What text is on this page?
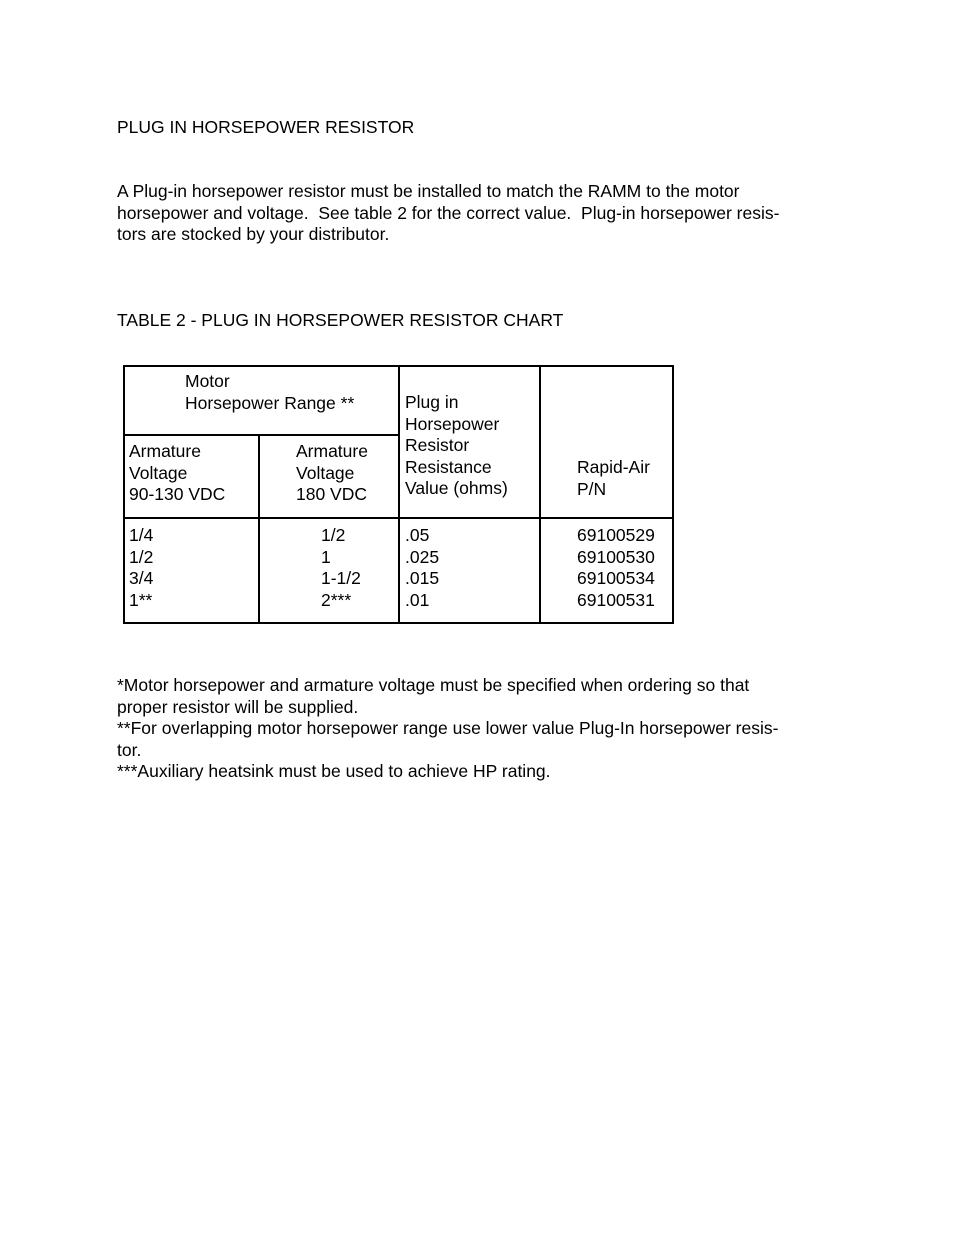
PLUG IN HORSEPOWER RESISTOR
A Plug-in horsepower resistor must be installed to match the RAMM to the motor
horsepower and voltage.  See table 2 for the correct value.  Plug-in horsepower resis-
tors are stocked by your distributor.
TABLE 2 - PLUG IN HORSEPOWER RESISTOR CHART
Motor
Horsepower Range **
Armature
Voltage
90-130 VDC
Armature
Voltage
180 VDC
Plug in
Horsepower
Resistor
Resistance
Value (ohms)
Rapid-Air
P/N
1/4
1/2
3/4
1**
1/2
1
1-1/2
2***
.05
.025
.015
.01
69100529
69100530
69100534
69100531
*Motor horsepower and armature voltage must be specified when ordering so that
proper resistor will be supplied.
**For overlapping motor horsepower range use lower value Plug-In horsepower resis-
tor.
***Auxiliary heatsink must be used to achieve HP rating.
